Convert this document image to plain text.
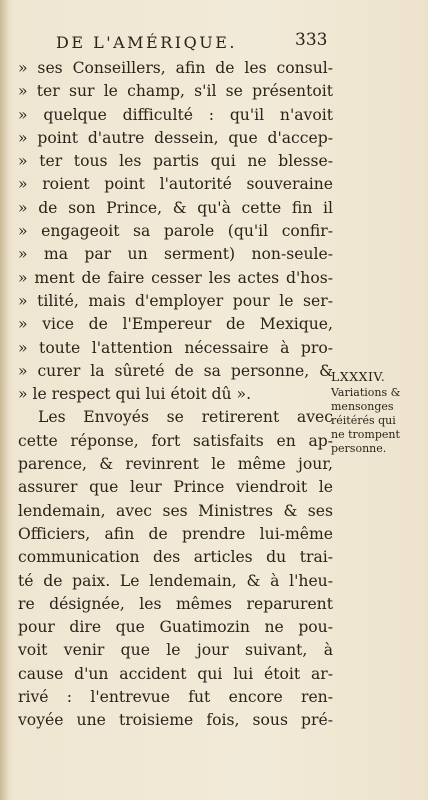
DE L'AMÉRIQUE.	333
» ses Conseillers, afin de les consul-
» ter sur le champ, s'il se présentoit
» quelque difficulté : qu'il n'avoit
» point d'autre dessein, que d'accep-
» ter tous les partis qui ne blesse-
» roient point l'autorité souveraine
» de son Prince, & qu'à cette fin il
» engageoit sa parole (qu'il confir-
» ma par un serment) non-seule-
» ment de faire cesser les actes d'hos-
» tilité, mais d'employer pour le ser-
» vice de l'Empereur de Mexique,
» toute l'attention nécessaire à pro-
» curer la sûreté de sa personne, &
» le respect qui lui étoit dû ».
Les Envoyés se retirerent avec
cette réponse, fort satisfaits en ap-
parence, & revinrent le même jour,
assurer que leur Prince viendroit le
lendemain, avec ses Ministres & ses
Officiers, afin de prendre lui-même
communication des articles du trai-
té de paix. Le lendemain, & à l'heu-
re désignée, les mêmes reparurent
pour dire que Guatimozin ne pou-
voit venir que le jour suivant, à
cause d'un accident qui lui étoit ar-
rivé : l'entrevue fut encore ren-
voyée une troisieme fois, sous pré-
LXXXIV.
Variations &
mensonges
réitérés qui
ne trompent
personne.
